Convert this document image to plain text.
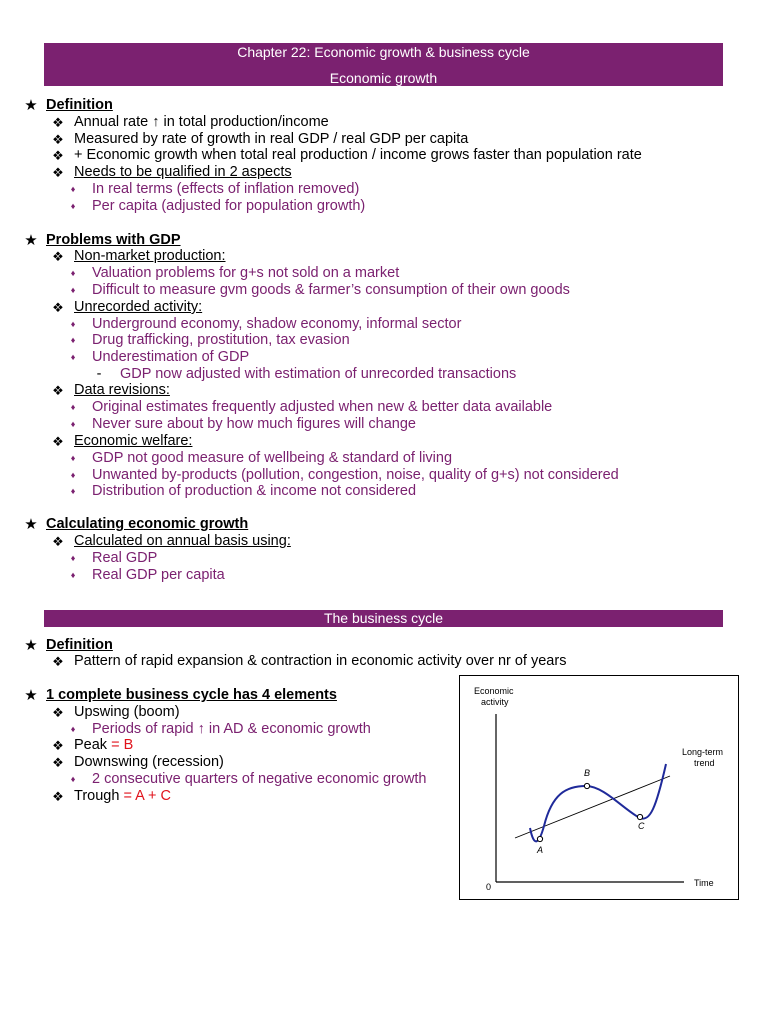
Chapter 22: Economic growth & business cycle
Economic growth
★ Definition
❖ Annual rate ↑ in total production/income
❖ Measured by rate of growth in real GDP / real GDP per capita
❖ + Economic growth when total real production / income grows faster than population rate
❖ Needs to be qualified in 2 aspects
♦ In real terms (effects of inflation removed)
♦ Per capita (adjusted for population growth)
★ Problems with GDP
❖ Non-market production:
♦ Valuation problems for g+s not sold on a market
♦ Difficult to measure gvm goods & farmer’s consumption of their own goods
❖ Unrecorded activity:
♦ Underground economy, shadow economy, informal sector
♦ Drug trafficking, prostitution, tax evasion
♦ Underestimation of GDP
- GDP now adjusted with estimation of unrecorded transactions
❖ Data revisions:
♦ Original estimates frequently adjusted when new & better data available
♦ Never sure about by how much figures will change
❖ Economic welfare:
♦ GDP not good measure of wellbeing & standard of living
♦ Unwanted by-products (pollution, congestion, noise, quality of g+s) not considered
♦ Distribution of production & income not considered
★ Calculating economic growth
❖ Calculated on annual basis using:
♦ Real GDP
♦ Real GDP per capita
The business cycle
★ Definition
❖ Pattern of rapid expansion & contraction in economic activity over nr of years
★ 1 complete business cycle has 4 elements
❖ Upswing (boom)
♦ Periods of rapid ↑ in AD & economic growth
❖ Peak = B
❖ Downswing (recession)
♦ 2 consecutive quarters of negative economic growth
❖ Trough = A + C
Economic
activity
0	Time
Long-term
trend
A
B
C
